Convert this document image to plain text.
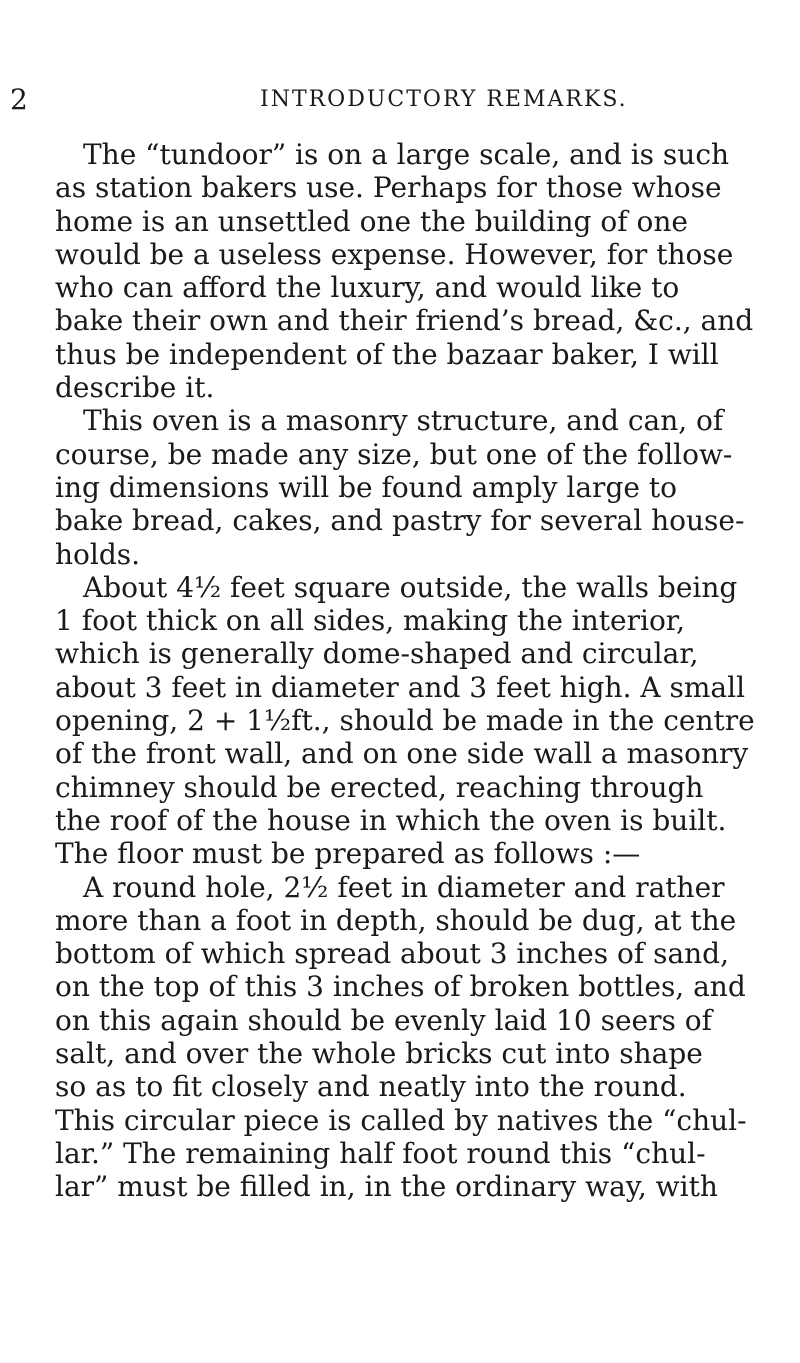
2	INTRODUCTORY REMARKS.
The “tundoor” is on a large scale, and is such
as station bakers use. Perhaps for those whose
home is an unsettled one the building of one
would be a useless expense. However, for those
who can afford the luxury, and would like to
bake their own and their friend’s bread, &c., and
thus be independent of the bazaar baker, I will
describe it.
This oven is a masonry structure, and can, of
course, be made any size, but one of the follow-
ing dimensions will be found amply large to
bake bread, cakes, and pastry for several house-
holds.
About 4½ feet square outside, the walls being
1 foot thick on all sides, making the interior,
which is generally dome-shaped and circular,
about 3 feet in diameter and 3 feet high. A small
opening, 2 + 1½ft., should be made in the centre
of the front wall, and on one side wall a masonry
chimney should be erected, reaching through
the roof of the house in which the oven is built.
The floor must be prepared as follows :—
A round hole, 2½ feet in diameter and rather
more than a foot in depth, should be dug, at the
bottom of which spread about 3 inches of sand,
on the top of this 3 inches of broken bottles, and
on this again should be evenly laid 10 seers of
salt, and over the whole bricks cut into shape
so as to fit closely and neatly into the round.
This circular piece is called by natives the “chul-
lar.” The remaining half foot round this “chul-
lar” must be filled in, in the ordinary way, with
